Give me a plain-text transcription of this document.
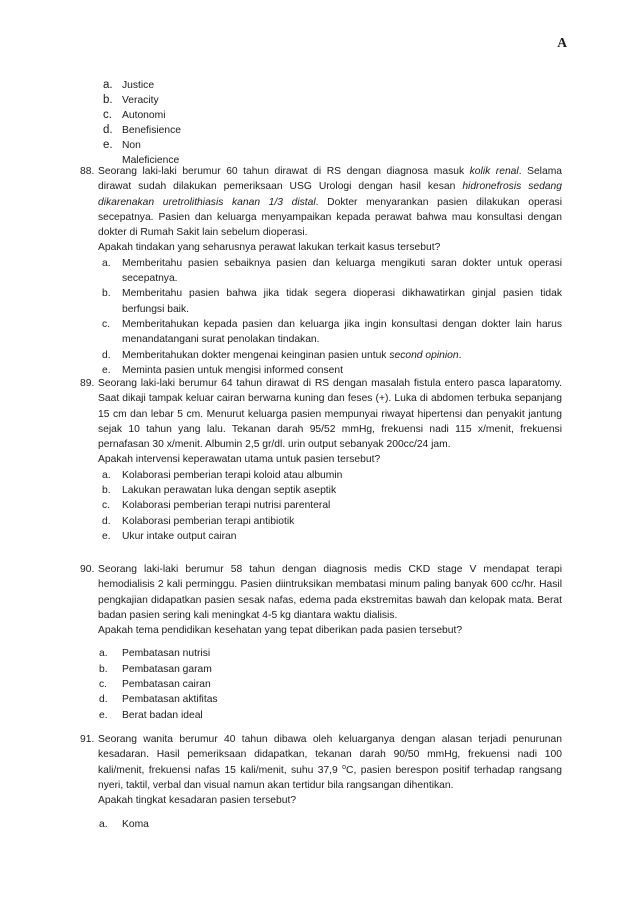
A
a. Justice
b. Veracity
c. Autonomi
d. Benefisience
e. Non Maleficience
88. Seorang laki-laki berumur 60 tahun dirawat di RS dengan diagnosa masuk kolik renal. Selama dirawat sudah dilakukan pemeriksaan USG Urologi dengan hasil kesan hidronefrosis sedang dikarenakan uretrolithiasis kanan 1/3 distal. Dokter menyarankan pasien dilakukan operasi secepatnya. Pasien dan keluarga menyampaikan kepada perawat bahwa mau konsultasi dengan dokter di Rumah Sakit lain sebelum dioperasi.
Apakah tindakan yang seharusnya perawat lakukan terkait kasus tersebut?
a. Memberitahu pasien sebaiknya pasien dan keluarga mengikuti saran dokter untuk operasi secepatnya.
b. Memberitahu pasien bahwa jika tidak segera dioperasi dikhawatirkan ginjal pasien tidak berfungsi baik.
c. Memberitahukan kepada pasien dan keluarga jika ingin konsultasi dengan dokter lain harus menandatangani surat penolakan tindakan.
d. Memberitahukan dokter mengenai keinginan pasien untuk second opinion.
e. Meminta pasien untuk mengisi informed consent
89. Seorang laki-laki berumur 64 tahun dirawat di RS dengan masalah fistula entero pasca laparatomy. Saat dikaji tampak keluar cairan berwarna kuning dan feses (+). Luka di abdomen terbuka sepanjang 15 cm dan lebar 5 cm. Menurut keluarga pasien mempunyai riwayat hipertensi dan penyakit jantung sejak 10 tahun yang lalu. Tekanan darah 95/52 mmHg, frekuensi nadi 115 x/menit, frekuensi pernafasan 30 x/menit. Albumin 2,5 gr/dl. urin output sebanyak 200cc/24 jam.
Apakah intervensi keperawatan utama untuk pasien tersebut?
a. Kolaborasi pemberian terapi koloid atau albumin
b. Lakukan perawatan luka dengan septik aseptik
c. Kolaborasi pemberian terapi nutrisi parenteral
d. Kolaborasi pemberian terapi antibiotik
e. Ukur intake output cairan
90. Seorang laki-laki berumur 58 tahun dengan diagnosis medis CKD stage V mendapat terapi hemodialisis 2 kali perminggu. Pasien diintruksikan membatasi minum paling banyak 600 cc/hr. Hasil pengkajian didapatkan pasien sesak nafas, edema pada ekstremitas bawah dan kelopak mata. Berat badan pasien sering kali meningkat 4-5 kg diantara waktu dialisis.
Apakah tema pendidikan kesehatan yang tepat diberikan pada pasien tersebut?
a. Pembatasan nutrisi
b. Pembatasan garam
c. Pembatasan cairan
d. Pembatasan aktifitas
e. Berat badan ideal
91. Seorang wanita berumur 40 tahun dibawa oleh keluarganya dengan alasan terjadi penurunan kesadaran. Hasil pemeriksaan didapatkan, tekanan darah 90/50 mmHg, frekuensi nadi 100 kali/menit, frekuensi nafas 15 kali/menit, suhu 37,9 $^o$C, pasien berespon positif terhadap rangsang nyeri, taktil, verbal dan visual namun akan tertidur bila rangsangan dihentikan.
Apakah tingkat kesadaran pasien tersebut?
a. Koma
